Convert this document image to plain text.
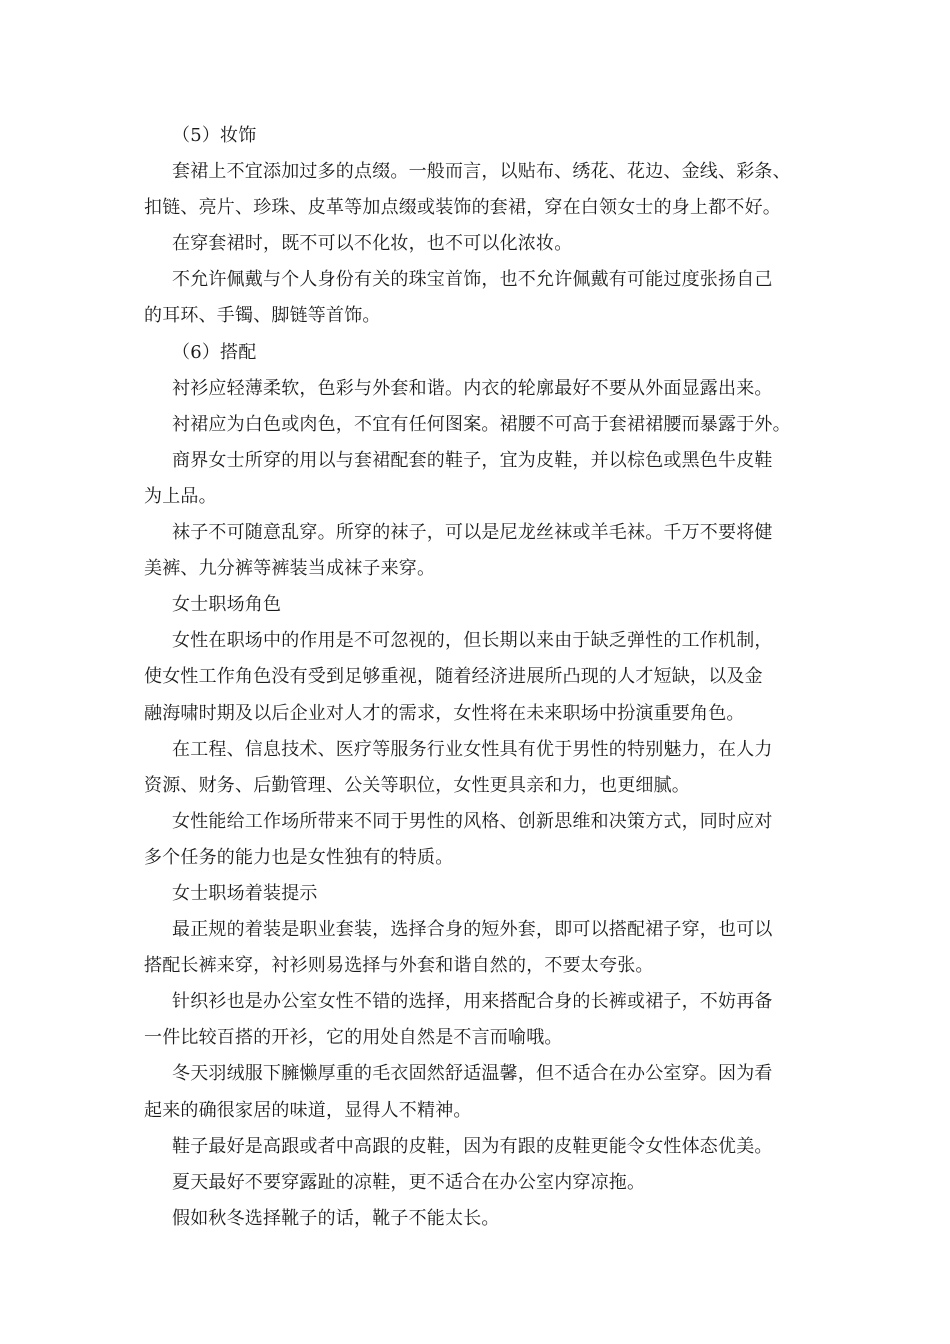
（5）妆饰
套裙上不宜添加过多的点缀。一般而言，以贴布、绣花、花边、金线、彩条、
扣链、亮片、珍珠、皮革等加点缀或装饰的套裙，穿在白领女士的身上都不好。
在穿套裙时，既不可以不化妆，也不可以化浓妆。
不允许佩戴与个人身份有关的珠宝首饰，也不允许佩戴有可能过度张扬自己
的耳环、手镯、脚链等首饰。
（6）搭配
衬衫应轻薄柔软，色彩与外套和谐。内衣的轮廓最好不要从外面显露出来。
衬裙应为白色或肉色，不宜有任何图案。裙腰不可高于套裙裙腰而暴露于外。
商界女士所穿的用以与套裙配套的鞋子，宜为皮鞋，并以棕色或黑色牛皮鞋
为上品。
袜子不可随意乱穿。所穿的袜子，可以是尼龙丝袜或羊毛袜。千万不要将健
美裤、九分裤等裤装当成袜子来穿。
女士职场角色
女性在职场中的作用是不可忽视的，但长期以来由于缺乏弹性的工作机制，
使女性工作角色没有受到足够重视，随着经济进展所凸现的人才短缺，以及金
融海啸时期及以后企业对人才的需求，女性将在未来职场中扮演重要角色。
在工程、信息技术、医疗等服务行业女性具有优于男性的特别魅力，在人力
资源、财务、后勤管理、公关等职位，女性更具亲和力，也更细腻。
女性能给工作场所带来不同于男性的风格、创新思维和决策方式，同时应对
多个任务的能力也是女性独有的特质。
女士职场着装提示
最正规的着装是职业套装，选择合身的短外套，即可以搭配裙子穿，也可以
搭配长裤来穿，衬衫则易选择与外套和谐自然的，不要太夸张。
针织衫也是办公室女性不错的选择，用来搭配合身的长裤或裙子，不妨再备
一件比较百搭的开衫，它的用处自然是不言而喻哦。
冬天羽绒服下臃懒厚重的毛衣固然舒适温馨，但不适合在办公室穿。因为看
起来的确很家居的味道，显得人不精神。
鞋子最好是高跟或者中高跟的皮鞋，因为有跟的皮鞋更能令女性体态优美。
夏天最好不要穿露趾的凉鞋，更不适合在办公室内穿凉拖。
假如秋冬选择靴子的话，靴子不能太长。
